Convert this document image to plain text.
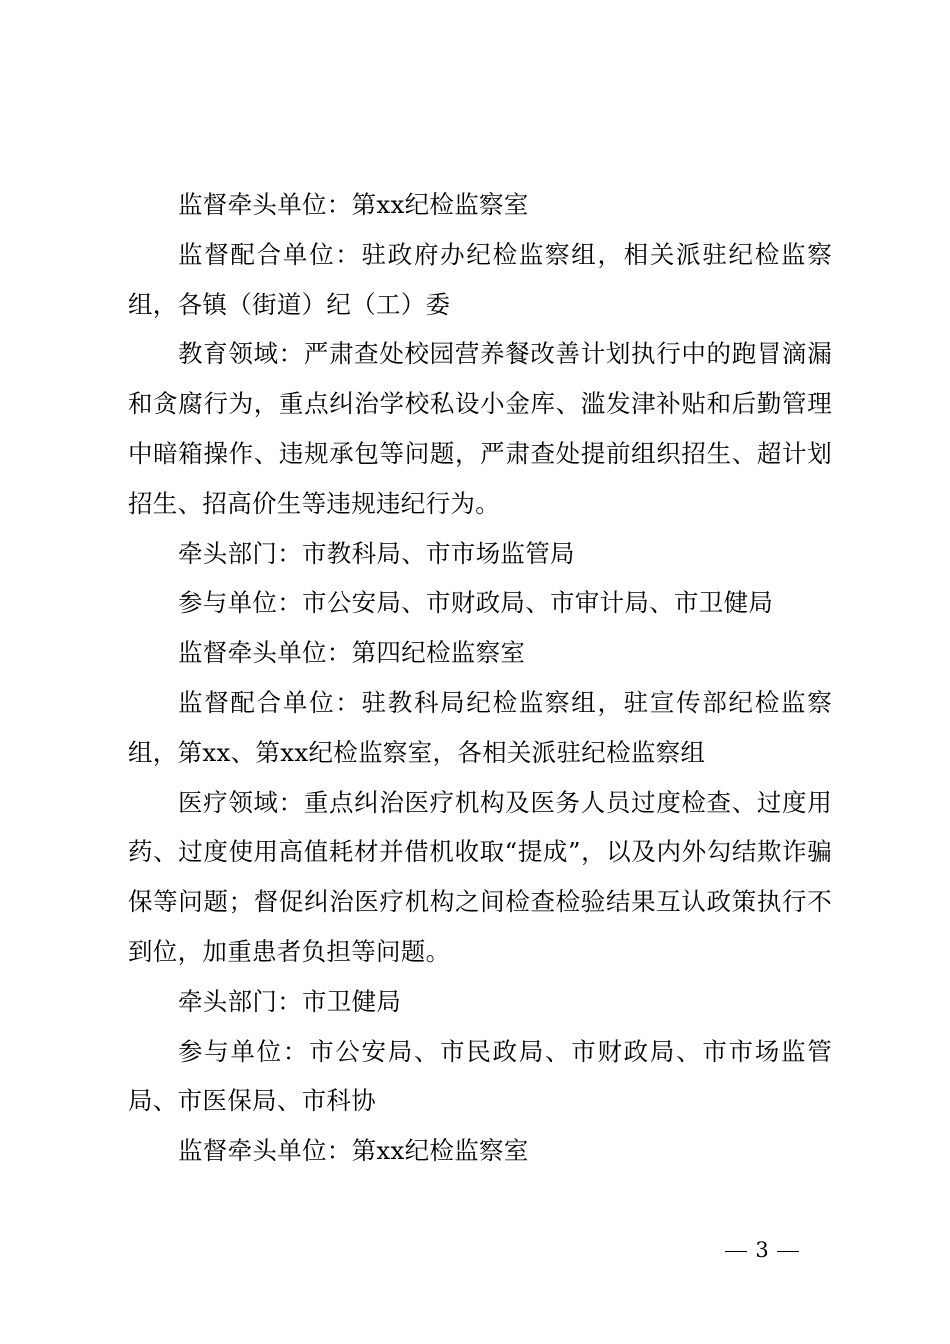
监督牵头单位：第xx纪检监察室

监督配合单位：驻政府办纪检监察组，相关派驻纪检监察组，各镇（街道）纪（工）委

教育领域：严肃查处校园营养餐改善计划执行中的跑冒滴漏和贪腐行为，重点纠治学校私设小金库、滥发津补贴和后勤管理中暗箱操作、违规承包等问题，严肃查处提前组织招生、超计划招生、招高价生等违规违纪行为。

牵头部门：市教科局、市市场监管局

参与单位：市公安局、市财政局、市审计局、市卫健局

监督牵头单位：第四纪检监察室

监督配合单位：驻教科局纪检监察组，驻宣传部纪检监察组，第xx、第xx纪检监察室，各相关派驻纪检监察组

医疗领域：重点纠治医疗机构及医务人员过度检查、过度用药、过度使用高值耗材并借机收取“提成”，以及内外勾结欺诈骗保等问题；督促纠治医疗机构之间检查检验结果互认政策执行不到位，加重患者负担等问题。

牵头部门：市卫健局

参与单位：市公安局、市民政局、市财政局、市市场监管局、市医保局、市科协

监督牵头单位：第xx纪检监察室

3
